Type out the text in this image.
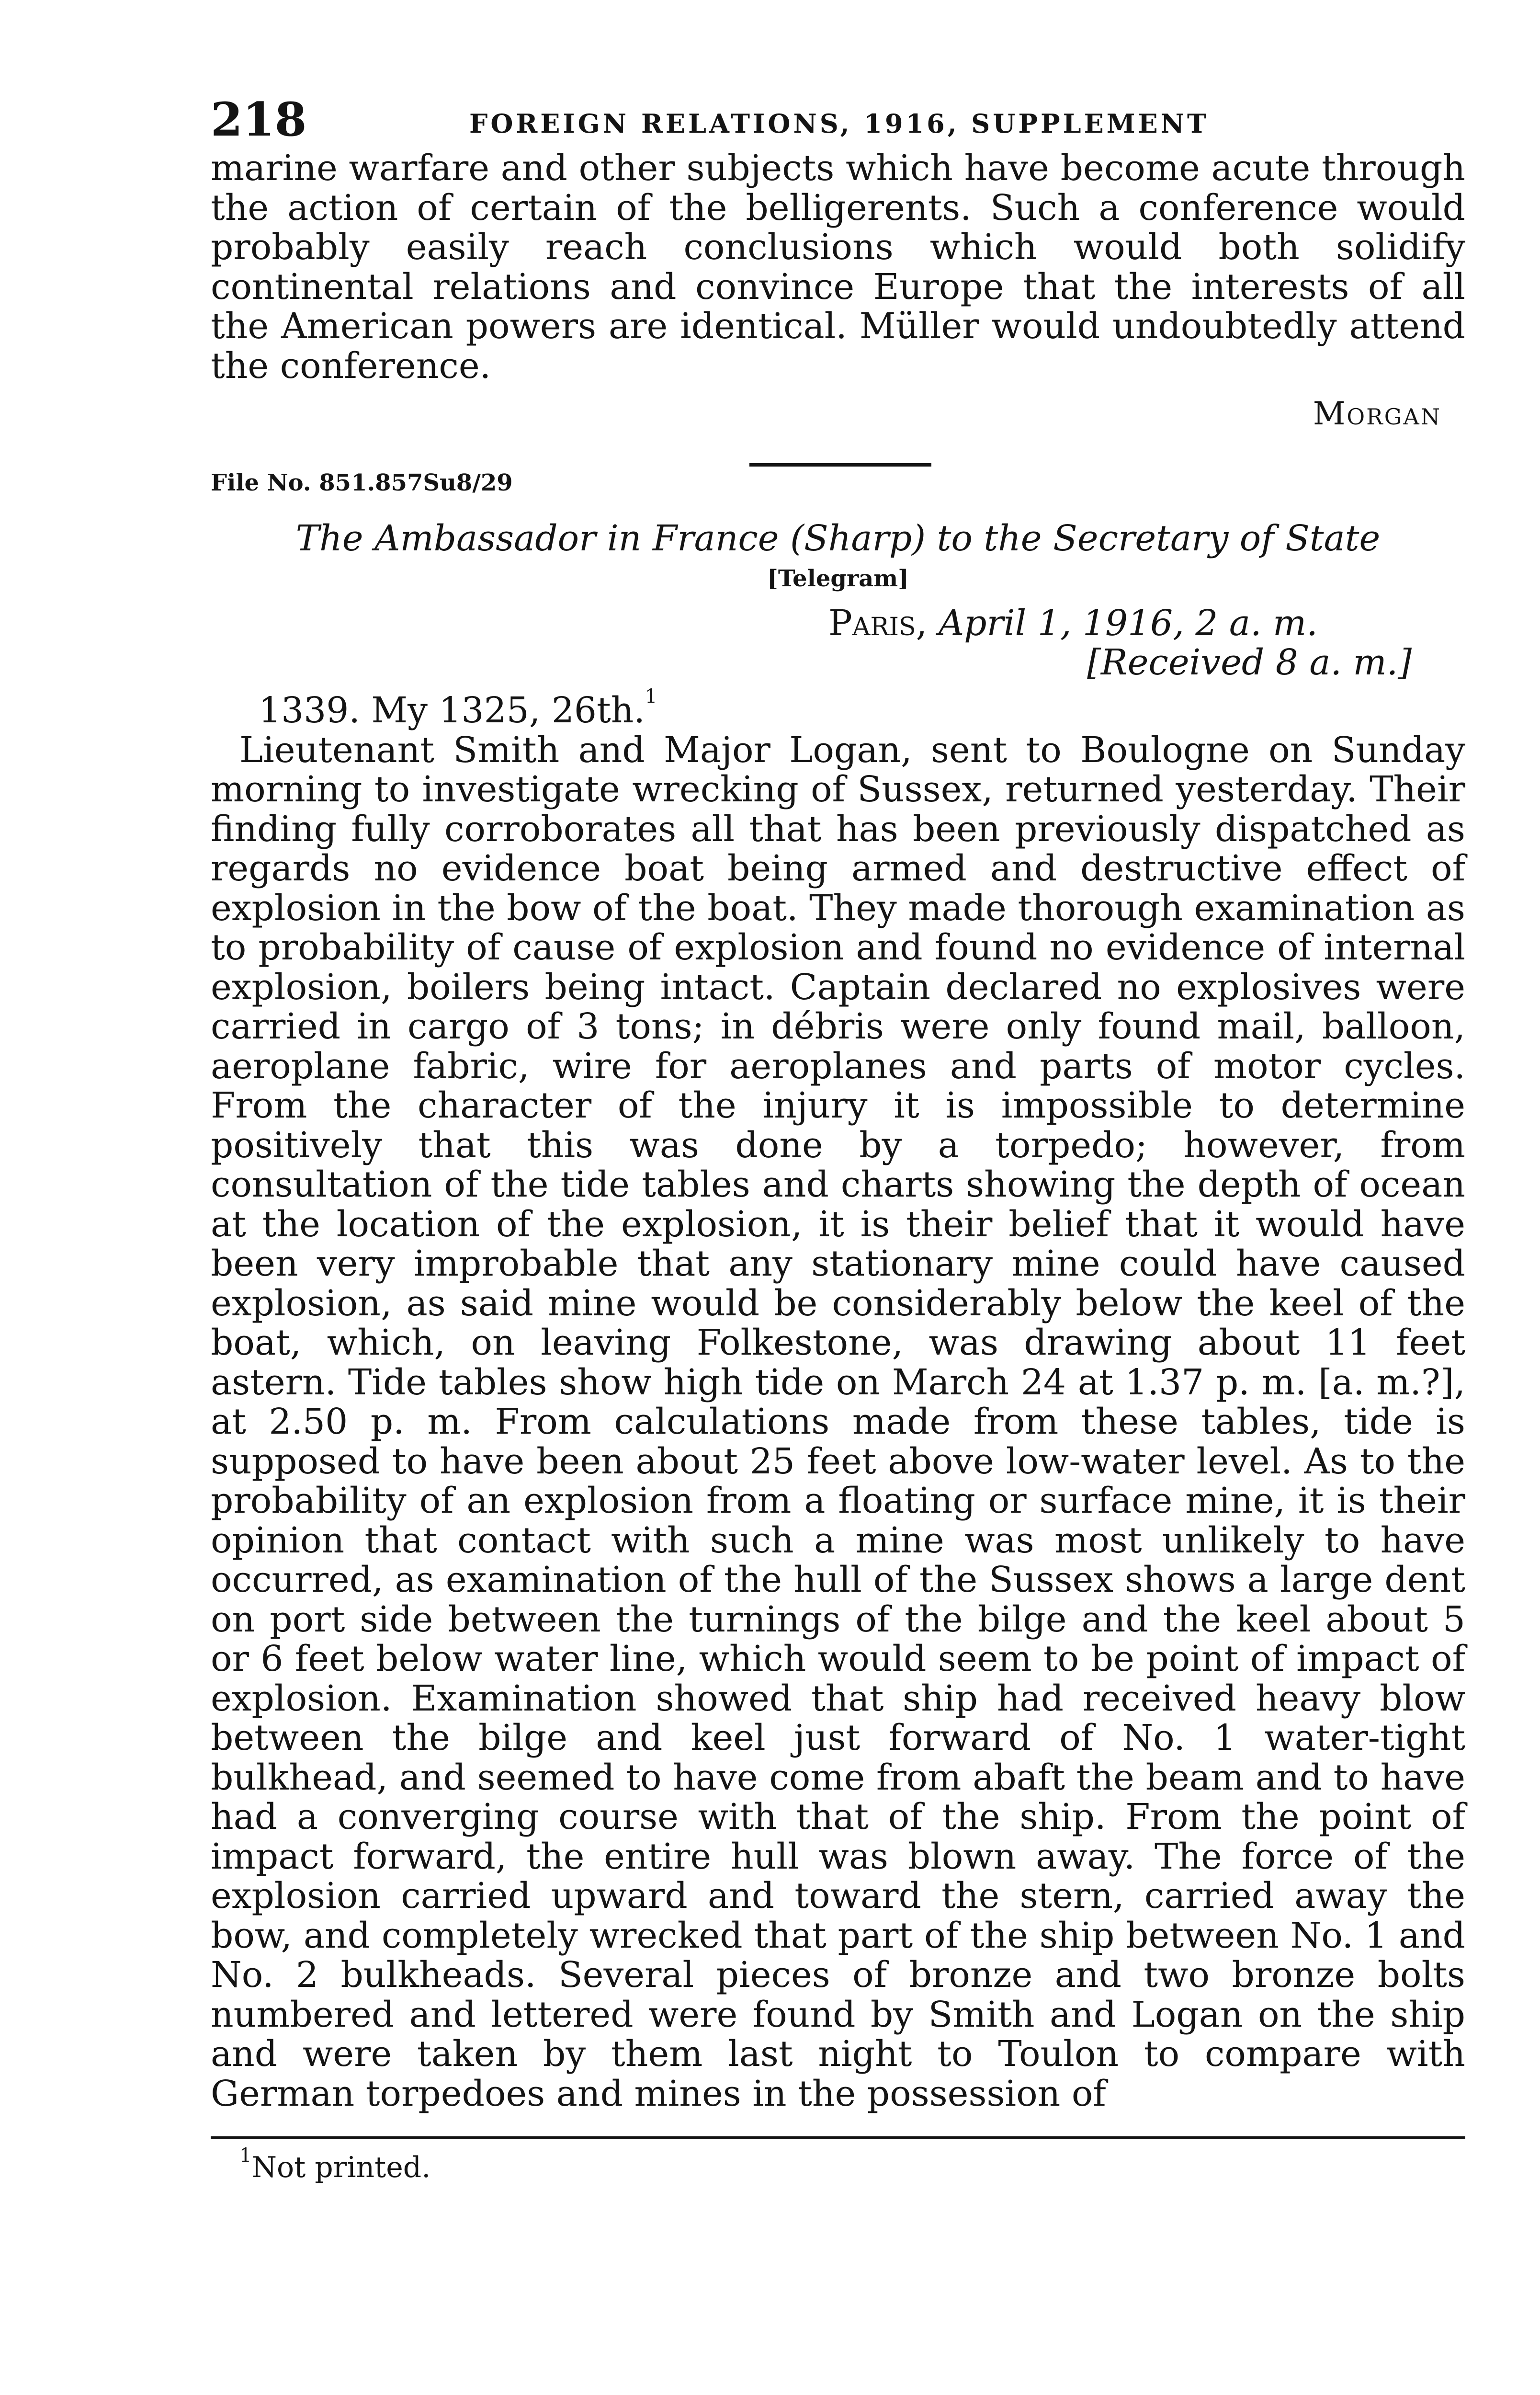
218	FOREIGN RELATIONS, 1916, SUPPLEMENT

marine warfare and other subjects which have become acute through the action of certain of the belligerents. Such a conference would probably easily reach conclusions which would both solidify continental relations and convince Europe that the interests of all the American powers are identical. Müller would undoubtedly attend the conference.

Morgan
File No. 851.857Su8/29
The Ambassador in France (Sharp) to the Secretary of State
[Telegram]
Paris, April 1, 1916, 2 a. m.
[Received 8 a. m.]
1339. My 1325, 26th.$^1$

Lieutenant Smith and Major Logan, sent to Boulogne on Sunday morning to investigate wrecking of Sussex, returned yesterday. Their finding fully corroborates all that has been previously dispatched as regards no evidence boat being armed and destructive effect of explosion in the bow of the boat. They made thorough examination as to probability of cause of explosion and found no evidence of internal explosion, boilers being intact. Captain declared no explosives were carried in cargo of 3 tons; in débris were only found mail, balloon, aeroplane fabric, wire for aeroplanes and parts of motor cycles. From the character of the injury it is impossible to determine positively that this was done by a torpedo; however, from consultation of the tide tables and charts showing the depth of ocean at the location of the explosion, it is their belief that it would have been very improbable that any stationary mine could have caused explosion, as said mine would be considerably below the keel of the boat, which, on leaving Folkestone, was drawing about 11 feet astern. Tide tables show high tide on March 24 at 1.37 p. m. [a. m.?], at 2.50 p. m. From calculations made from these tables, tide is supposed to have been about 25 feet above low-water level. As to the probability of an explosion from a floating or surface mine, it is their opinion that contact with such a mine was most unlikely to have occurred, as examination of the hull of the Sussex shows a large dent on port side between the turnings of the bilge and the keel about 5 or 6 feet below water line, which would seem to be point of impact of explosion. Examination showed that ship had received heavy blow between the bilge and keel just forward of No. 1 water-tight bulkhead, and seemed to have come from abaft the beam and to have had a converging course with that of the ship. From the point of impact forward, the entire hull was blown away. The force of the explosion carried upward and toward the stern, carried away the bow, and completely wrecked that part of the ship between No. 1 and No. 2 bulkheads. Several pieces of bronze and two bronze bolts numbered and lettered were found by Smith and Logan on the ship and were taken by them last night to Toulon to compare with German torpedoes and mines in the possession of

$^1$Not printed.
